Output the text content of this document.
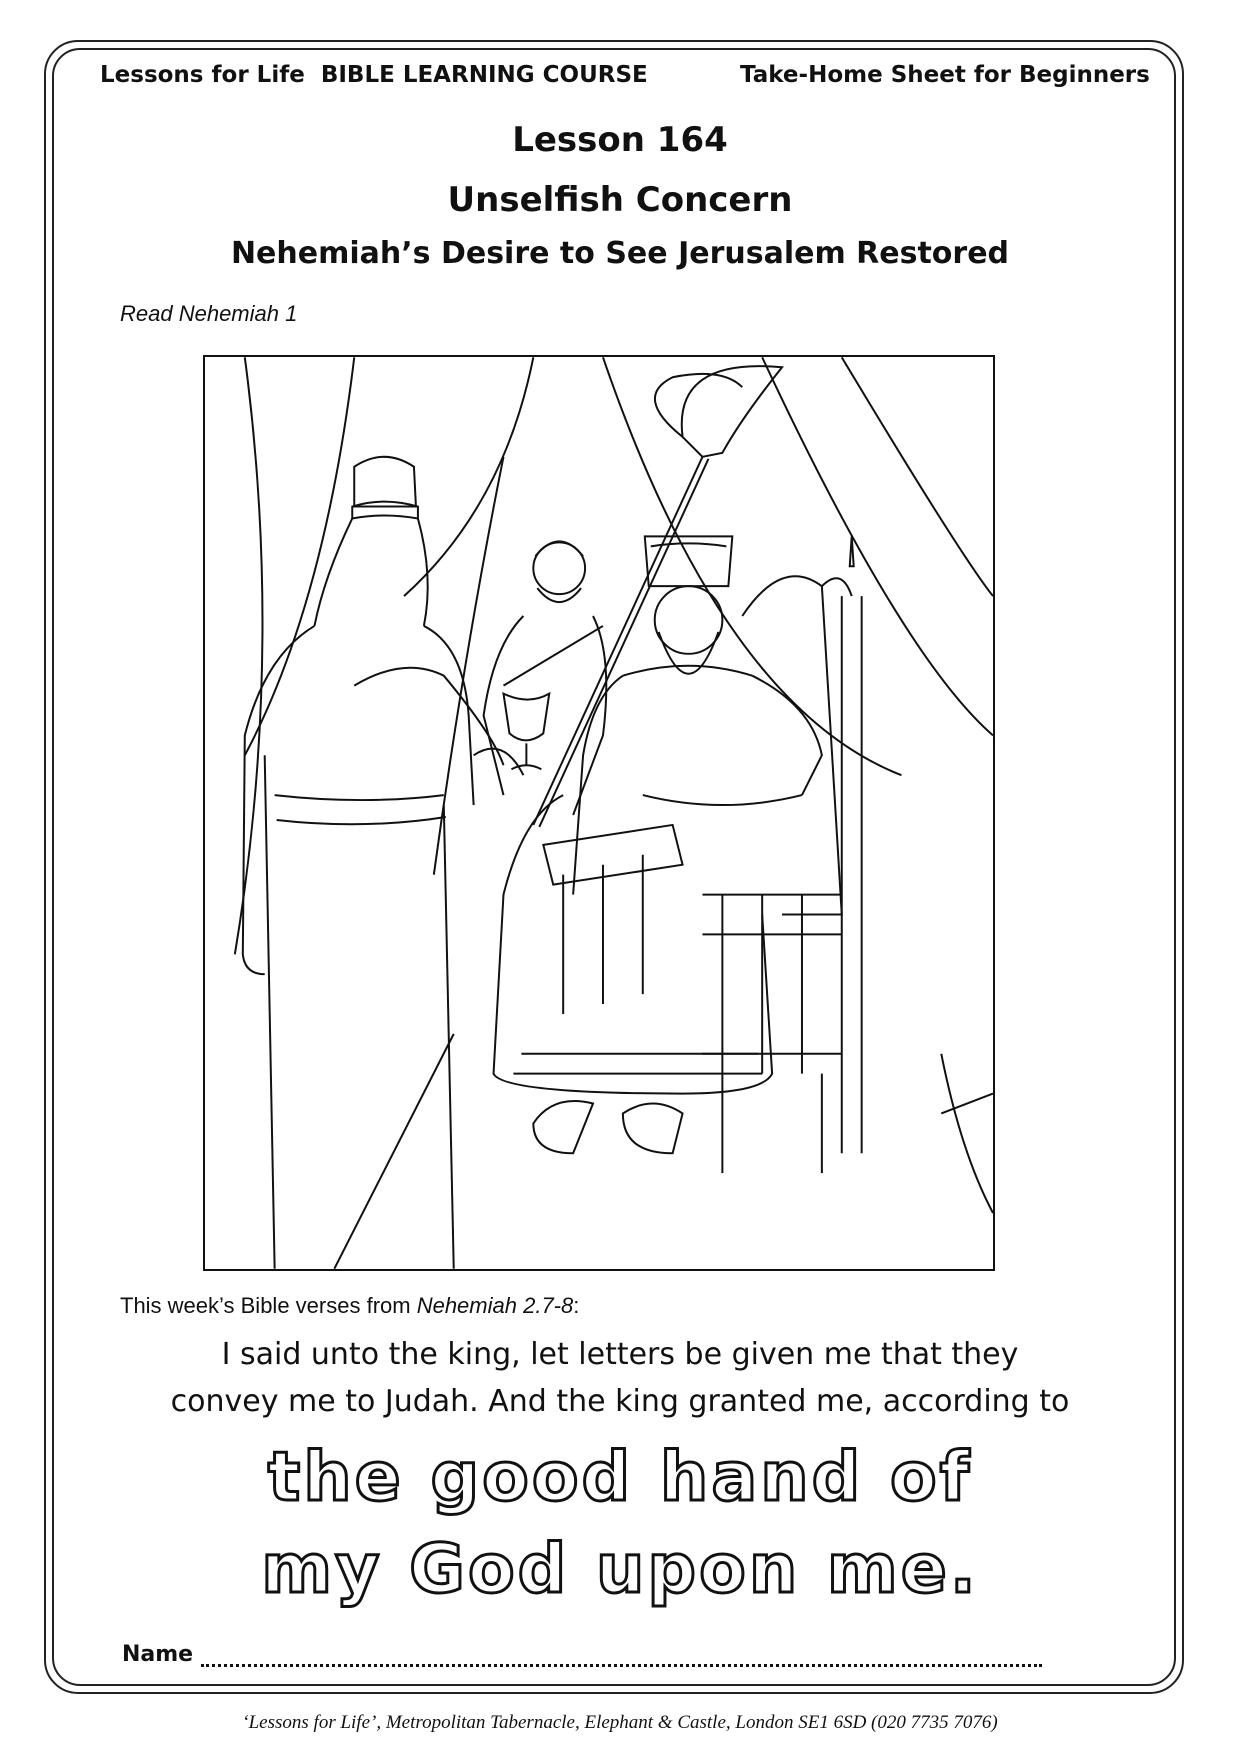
Lessons for Life  BIBLE LEARNING COURSE	Take-Home Sheet for Beginners
Lesson 164
Unselfish Concern
Nehemiah’s Desire to See Jerusalem Restored
Read Nehemiah 1
This week’s Bible verses from Nehemiah 2.7-8:
I said unto the king, let letters be given me that they
convey me to Judah. And the king granted me, according to
the good hand of
my God upon me.
Name
‘Lessons for Life’, Metropolitan Tabernacle, Elephant & Castle, London SE1 6SD (020 7735 7076)
